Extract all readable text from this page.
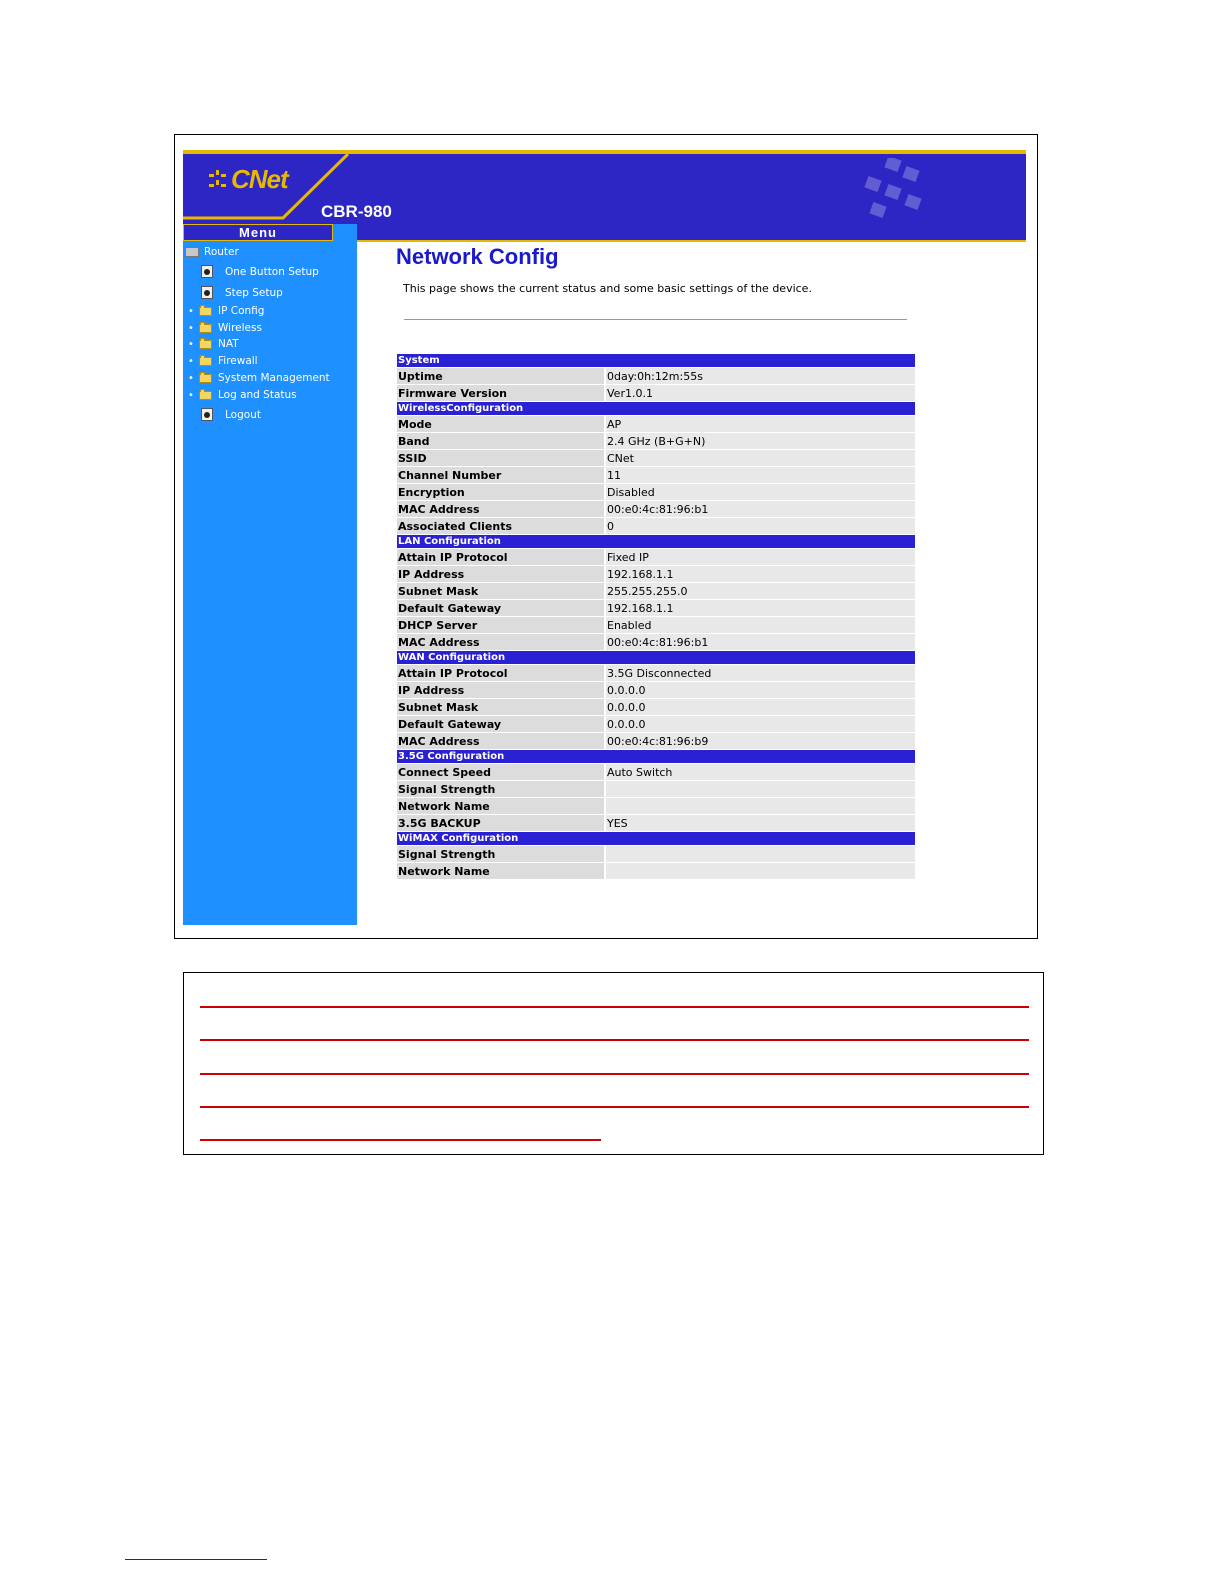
CNet
CBR-980
Menu
Router
One Button Setup
Step Setup
• IP Config
• Wireless
• NAT
• Firewall
• System Management
• Log and Status
Logout
Network Config
This page shows the current status and some basic settings of the device.
System	
Uptime	0day:0h:12m:55s
Firmware Version	Ver1.0.1
WirelessConfiguration	
Mode	AP
Band	2.4 GHz (B+G+N)
SSID	CNet
Channel Number	11
Encryption	Disabled
MAC Address	00:e0:4c:81:96:b1
Associated Clients	0
LAN Configuration	
Attain IP Protocol	Fixed IP
IP Address	192.168.1.1
Subnet Mask	255.255.255.0
Default Gateway	192.168.1.1
DHCP Server	Enabled
MAC Address	00:e0:4c:81:96:b1
WAN Configuration	
Attain IP Protocol	3.5G Disconnected
IP Address	0.0.0.0
Subnet Mask	0.0.0.0
Default Gateway	0.0.0.0
MAC Address	00:e0:4c:81:96:b9
3.5G Configuration	
Connect Speed	Auto Switch
Signal Strength	
Network Name	
3.5G BACKUP	YES
WiMAX Configuration	
Signal Strength	
Network Name	
